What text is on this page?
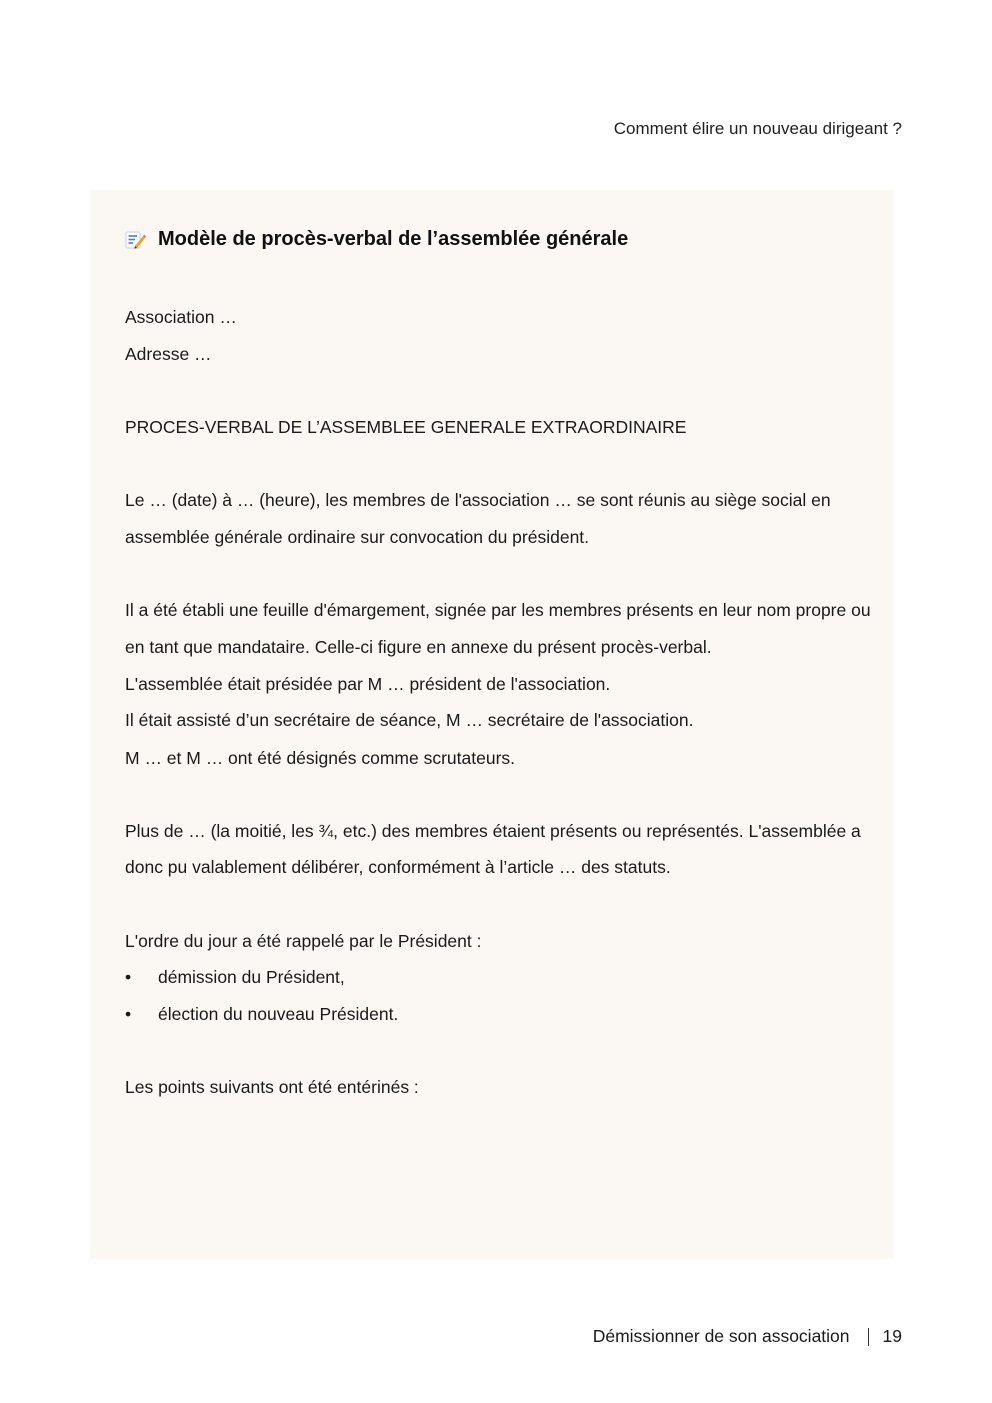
Comment élire un nouveau dirigeant ?
Modèle de procès-verbal de l’assemblée générale
Association …
Adresse …
PROCES-VERBAL DE L’ASSEMBLEE GENERALE EXTRAORDINAIRE
Le … (date) à … (heure), les membres de l'association … se sont réunis au siège social en
assemblée générale ordinaire sur convocation du président.
Il a été établi une feuille d'émargement, signée par les membres présents en leur nom propre ou
en tant que mandataire. Celle-ci figure en annexe du présent procès-verbal.
L'assemblée était présidée par M … président de l'association.
Il était assisté d’un secrétaire de séance, M … secrétaire de l'association.
M … et M … ont été désignés comme scrutateurs.
Plus de … (la moitié, les ¾, etc.) des membres étaient présents ou représentés. L'assemblée a
donc pu valablement délibérer, conformément à l’article … des statuts.
L'ordre du jour a été rappelé par le Président :
• démission du Président,
• élection du nouveau Président.
Les points suivants ont été entérinés :
Démissionner de son association 19
